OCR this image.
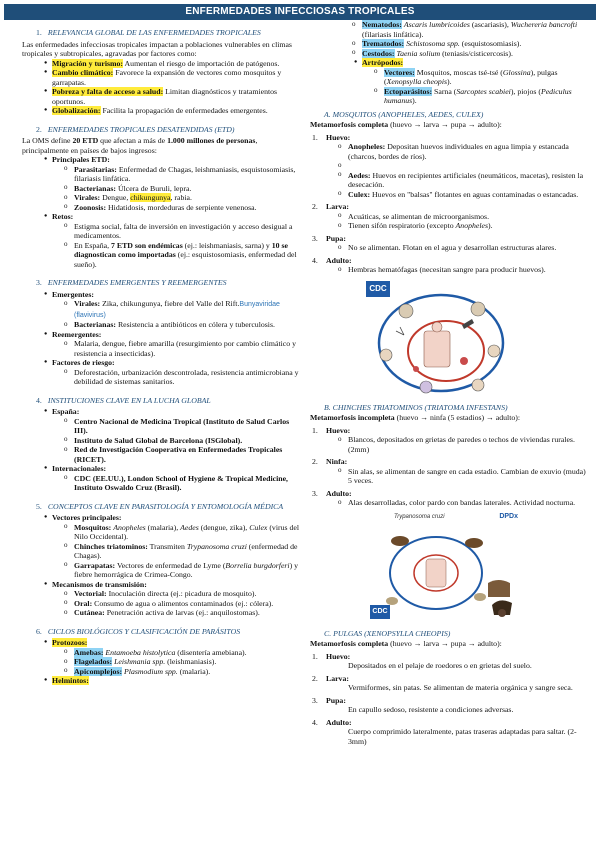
ENFERMEDADES INFECCIOSAS TROPICALES
1. RELEVANCIA GLOBAL DE LAS ENFERMEDADES TROPICALES

Las enfermedades infecciosas tropicales impactan a poblaciones vulnerables en climas tropicales y subtropicales, agravadas por factores como:

● Migración y turismo: Aumentan el riesgo de importación de patógenos.
● Cambio climático: Favorece la expansión de vectores como mosquitos y garrapatas.
● Pobreza y falta de acceso a salud: Limitan diagnósticos y tratamientos oportunos.
● Globalización: Facilita la propagación de enfermedades emergentes.
2. ENFERMEDADES TROPICALES DESATENDIDAS (ETD)

La OMS define 20 ETD que afectan a más de 1.000 millones de personas, principalmente en países de bajos ingresos:

● Principales ETD:
o Parasitarias: Enfermedad de Chagas, leishmaniasis, esquistosomiasis, filariasis linfática.
o Bacterianas: Úlcera de Buruli, lepra.
o Virales: Dengue, chikungunya, rabia.
o Zoonosis: Hidatidosis, mordeduras de serpiente venenosa.
● Retos:
o Estigma social, falta de inversión en investigación y acceso desigual a medicamentos.
o En España, 7 ETD son endémicas (ej.: leishmaniasis, sarna) y 10 se diagnostican como importadas (ej.: esquistosomiasis, enfermedad del sueño).
3. ENFERMEDADES EMERGENTES Y REEMERGENTES
● Emergentes:
o Virales: Zika, chikungunya, fiebre del Valle del Rift.Bunyaviridae (flavivirus)
o Bacterianas: Resistencia a antibióticos en cólera y tuberculosis.
● Reemergentes:
o Malaria, dengue, fiebre amarilla (resurgimiento por cambio climático y resistencia a insecticidas).
● Factores de riesgo:
o Deforestación, urbanización descontrolada, resistencia antimicrobiana y debilidad de sistemas sanitarios.
4. INSTITUCIONES CLAVE EN LA LUCHA GLOBAL
● España:
o Centro Nacional de Medicina Tropical (Instituto de Salud Carlos III).
o Instituto de Salud Global de Barcelona (ISGlobal).
o Red de Investigación Cooperativa en Enfermedades Tropicales (RICET).
● Internacionales:
o CDC (EE.UU.), London School of Hygiene & Tropical Medicine, Instituto Oswaldo Cruz (Brasil).
5. CONCEPTOS CLAVE EN PARASITOLOGÍA Y ENTOMOLOGÍA MÉDICA
● Vectores principales:
o Mosquitos: Anopheles (malaria), Aedes (dengue, zika), Culex (virus del Nilo Occidental).
o Chinches triatominos: Transmiten Trypanosoma cruzi (enfermedad de Chagas).
o Garrapatas: Vectores de enfermedad de Lyme (Borrelia burgdorferi) y fiebre hemorrágica de Crimea-Congo.
● Mecanismos de transmisión:
o Vectorial: Inoculación directa (ej.: picadura de mosquito).
o Oral: Consumo de agua o alimentos contaminados (ej.: cólera).
o Cutánea: Penetración activa de larvas (ej.: anquilostomas).
6. CICLOS BIOLÓGICOS Y CLASIFICACIÓN DE PARÁSITOS
● Protozoos:
o Amebas: Entamoeba histolytica (disentería amebiana).
o Flagelados: Leishmania spp. (leishmaniasis).
o Apicomplejos: Plasmodium spp. (malaria).
● Helmintos:
o Nematodos: Ascaris lumbricoides (ascariasis), Wuchereria bancrofti (filariasis linfática).
o Trematodos: Schistosoma spp. (esquistosomiasis).
o Cestodos: Taenia solium (teniasis/cisticercosis).
● Artrópodos:
o Vectores: Mosquitos, moscas tsé-tsé (Glossina), pulgas (Xenopsylla cheopis).
o Ectoparásitos: Sarna (Sarcoptes scabiei), piojos (Pediculus humanus).
A. MOSQUITOS (ANOPHELES, AEDES, CULEX)

Metamorfosis completa (huevo → larva → pupa → adulto):

1. Huevo:
o Anopheles: Depositan huevos individuales en agua limpia y estancada (charcos, bordes de ríos).
o
o Aedes: Huevos en recipientes artificiales (neumáticos, macetas), resisten la desecación.
o Culex: Huevos en "balsas" flotantes en aguas contaminadas o estancadas.
2. Larva:
o Acuáticas, se alimentan de microorganismos.
o Tienen sifón respiratorio (excepto Anopheles).
3. Pupa:
o No se alimentan. Flotan en el agua y desarrollan estructuras alares.
4. Adulto:
o Hembras hematófagas (necesitan sangre para producir huevos).
CDC
B. CHINCHES TRIATOMINOS (TRIATOMA INFESTANS)

Metamorfosis incompleta (huevo → ninfa (5 estadios) → adulto):

1. Huevo:
o Blancos, depositados en grietas de paredes o techos de viviendas rurales. (2mm)
2. Ninfa:
o Sin alas, se alimentan de sangre en cada estadio. Cambian de exuvio (muda) 5 veces.
3. Adulto:
o Alas desarrolladas, color pardo con bandas laterales. Actividad nocturna.
Trypanosoma cruzi	DPDx
CDC
C. PULGAS (XENOPSYLLA CHEOPIS)

Metamorfosis completa (huevo → larva → pupa → adulto):

1. Huevo:
Depositados en el pelaje de roedores o en grietas del suelo.
2. Larva:
Vermiformes, sin patas. Se alimentan de materia orgánica y sangre seca.
3. Pupa:
En capullo sedoso, resistente a condiciones adversas.
4. Adulto:
Cuerpo comprimido lateralmente, patas traseras adaptadas para saltar. (2-3mm)
